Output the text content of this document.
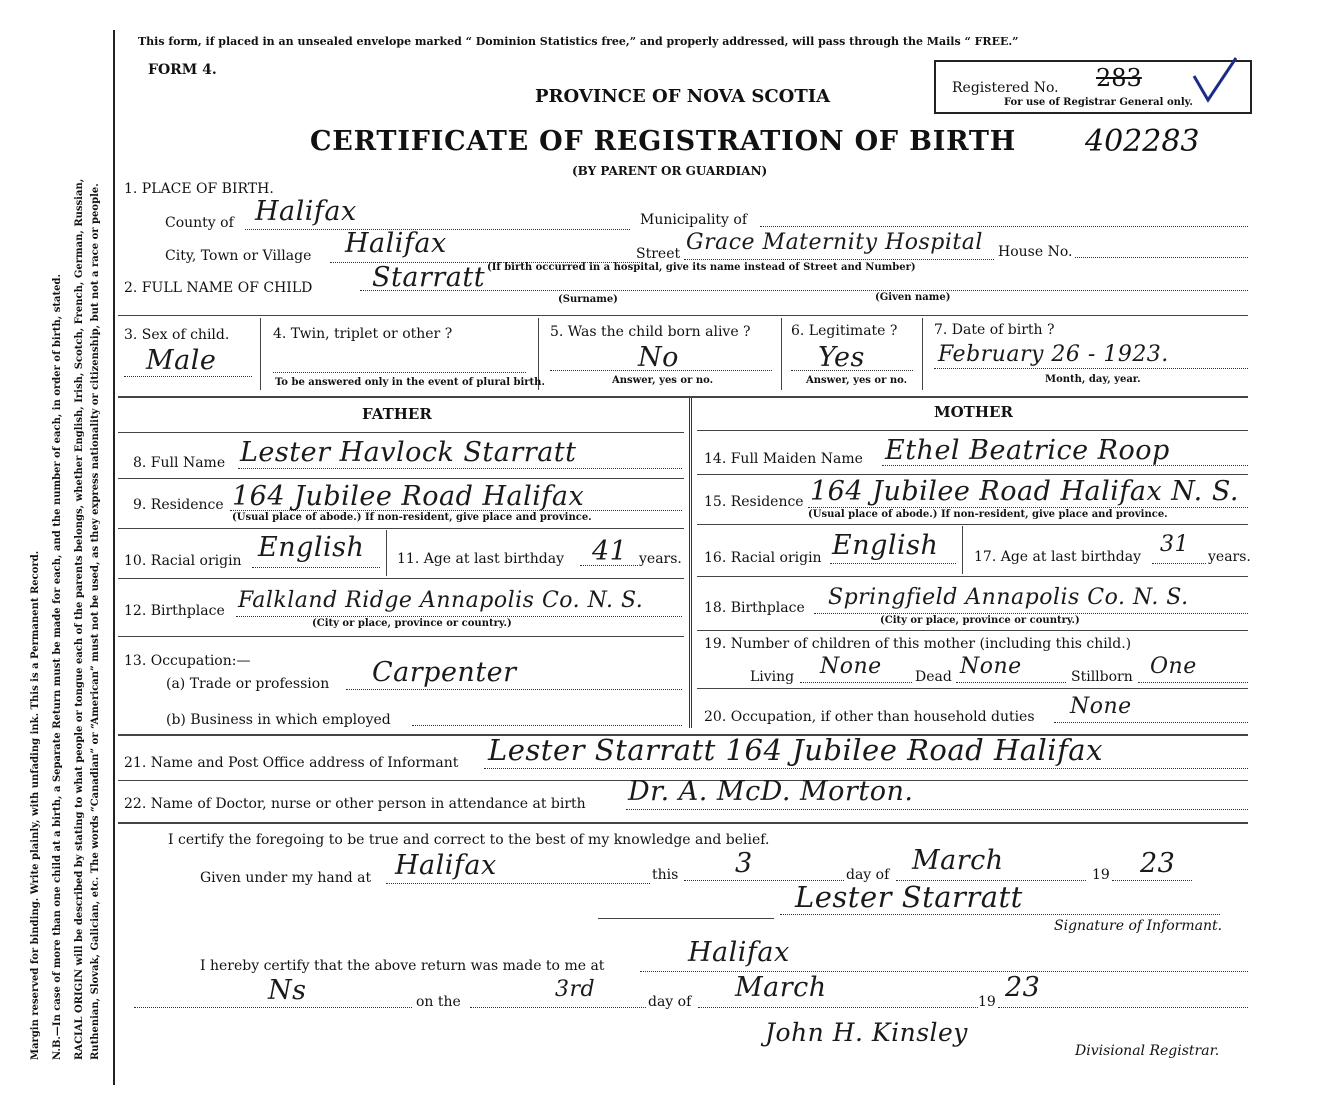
Margin reserved for binding. Write plainly, with unfading ink. This is a Permanent Record. N.B.—In case of more than one child at a birth, a Separate Return must be made for each, and the number of each, in order of birth, stated. RACIAL ORIGIN will be described by stating to what people or tongue each of the parents belongs, whether English, Irish, Scotch, French, German, Russian, Ruthenian, Slovak, Galician, etc. The words “Canadian” or “American” must not be used, as they express nationality or citizenship, but not a race or people.
This form, if placed in an unsealed envelope marked “ Dominion Statistics free,” and properly addressed, will pass through the Mails “ FREE.”
FORM 4.
Registered No. 283
For use of Registrar General only.
PROVINCE OF NOVA SCOTIA
CERTIFICATE OF REGISTRATION OF BIRTH 402283
(BY PARENT OR GUARDIAN)
1. PLACE OF BIRTH.
County of Halifax	Municipality of
City, Town or Village Halifax	Street Grace Maternity Hospital House No.
(If birth occurred in a hospital, give its name instead of Street and Number)
2. FULL NAME OF CHILD Starratt
(Surname)	(Given name)
3. Sex of child.
Male
4. Twin, triplet or other ?
To be answered only in the event of plural birth.
5. Was the child born alive ?
No
Answer, yes or no.
6. Legitimate ?
Yes
Answer, yes or no.
7. Date of birth ?
February 26 - 1923.
Month, day, year.
FATHER
8. Full Name Lester Havlock Starratt
9. Residence 164 Jubilee Road Halifax
(Usual place of abode.) If non-resident, give place and province.
10. Racial origin English 11. Age at last birthday 41 years.
12. Birthplace Falkland Ridge Annapolis Co. N. S.
(City or place, province or country.)
13. Occupation:—
(a) Trade or profession Carpenter
(b) Business in which employed
MOTHER
14. Full Maiden Name Ethel Beatrice Roop
15. Residence 164 Jubilee Road Halifax N. S.
(Usual place of abode.) If non-resident, give place and province.
16. Racial origin English	17. Age at last birthday 31 years.
18. Birthplace Springfield Annapolis Co. N. S.
(City or place, province or country.)
19. Number of children of this mother (including this child.)
Living None Dead None	Stillborn One
20. Occupation, if other than household duties None
21. Name and Post Office address of Informant Lester Starratt 164 Jubilee Road Halifax
22. Name of Doctor, nurse or other person in attendance at birth Dr. A. McD. Morton.
I certify the foregoing to be true and correct to the best of my knowledge and belief.
Given under my hand at Halifax	this 3	day of March	19 23
Lester Starratt
Signature of Informant.
I hereby certify that the above return was made to me at	Halifax
Ns	on the	3rd	day of March	19 23
John H. Kinsley
Divisional Registrar.
